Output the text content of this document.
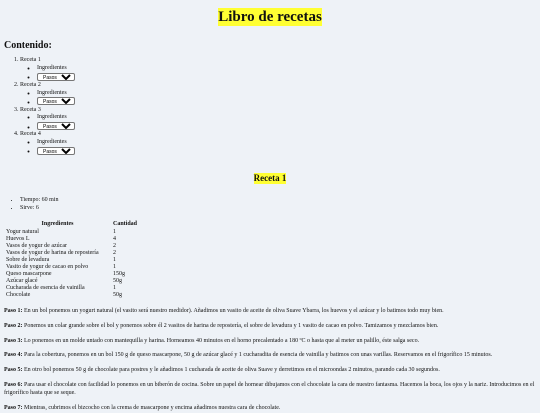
Libro de recetas
Contenido:
1. Receta 1
◦ Ingredientes
◦
Pasos
2. Receta 2
◦ Ingredientes
◦
Pasos
3. Receta 3
◦ Ingredientes
◦
Pasos
4. Receta 4
◦ Ingredientes
◦
Pasos
Receta 1
• Tiempo: 60 min
• Sirve: 6
Ingredientes	Cantidad
Yogur natural	1
Huevos L	4
Vasos de yogur de azúcar	2
Vasos de yogur de harina de repostería	2
Sobre de levadura	1
Vasito de yogur de cacao en polvo	1
Queso mascarpone	150g
Azúcar glacé	50g
Cucharada de esencia de vainilla	1
Chocolate	50g

Paso 1: En un bol ponemos un yogurt natural (el vasito será nuestro medidor). Añadimos un vasito de aceite de oliva Suave Ybarra, los huevos y el azúcar y lo batimos todo muy bien.

Paso 2: Ponemos un colar grande sobre el bol y ponemos sobre él 2 vasitos de harina de repostería, el sobre de levadura y 1 vasito de cacao en polvo. Tamizamos y mezclamos bien.

Paso 3: Lo ponemos en un molde untado con mantequilla y harina. Horneamos 40 minutos en el horno precalentado a 180 ºC o hasta que al meter un palillo, éste salga seco.

Paso 4: Para la cobertura, ponemos en un bol 150 g de queso mascarpone, 50 g de azúcar glacé y 1 cucharadita de esencia de vainilla y batimos con unas varillas. Reservamos en el frigorífico 15 minutos.

Paso 5: En otro bol ponemos 50 g de chocolate para postres y le añadimos 1 cucharada de aceite de oliva Suave y derretimos en el microondas 2 minutos, parando cada 30 segundos.

Paso 6: Para usar el chocolate con facilidad lo ponemos en un biberón de cocina. Sobre un papel de hornear dibujamos con el chocolate la cara de nuestro fantasma. Hacemos la boca, los ojos y la nariz. Introducimos en el frigorífico hasta que se seque.

Paso 7: Mientras, cubrimos el bizcocho con la crema de mascarpone y encima añadimos nuestra cara de chocolate.
